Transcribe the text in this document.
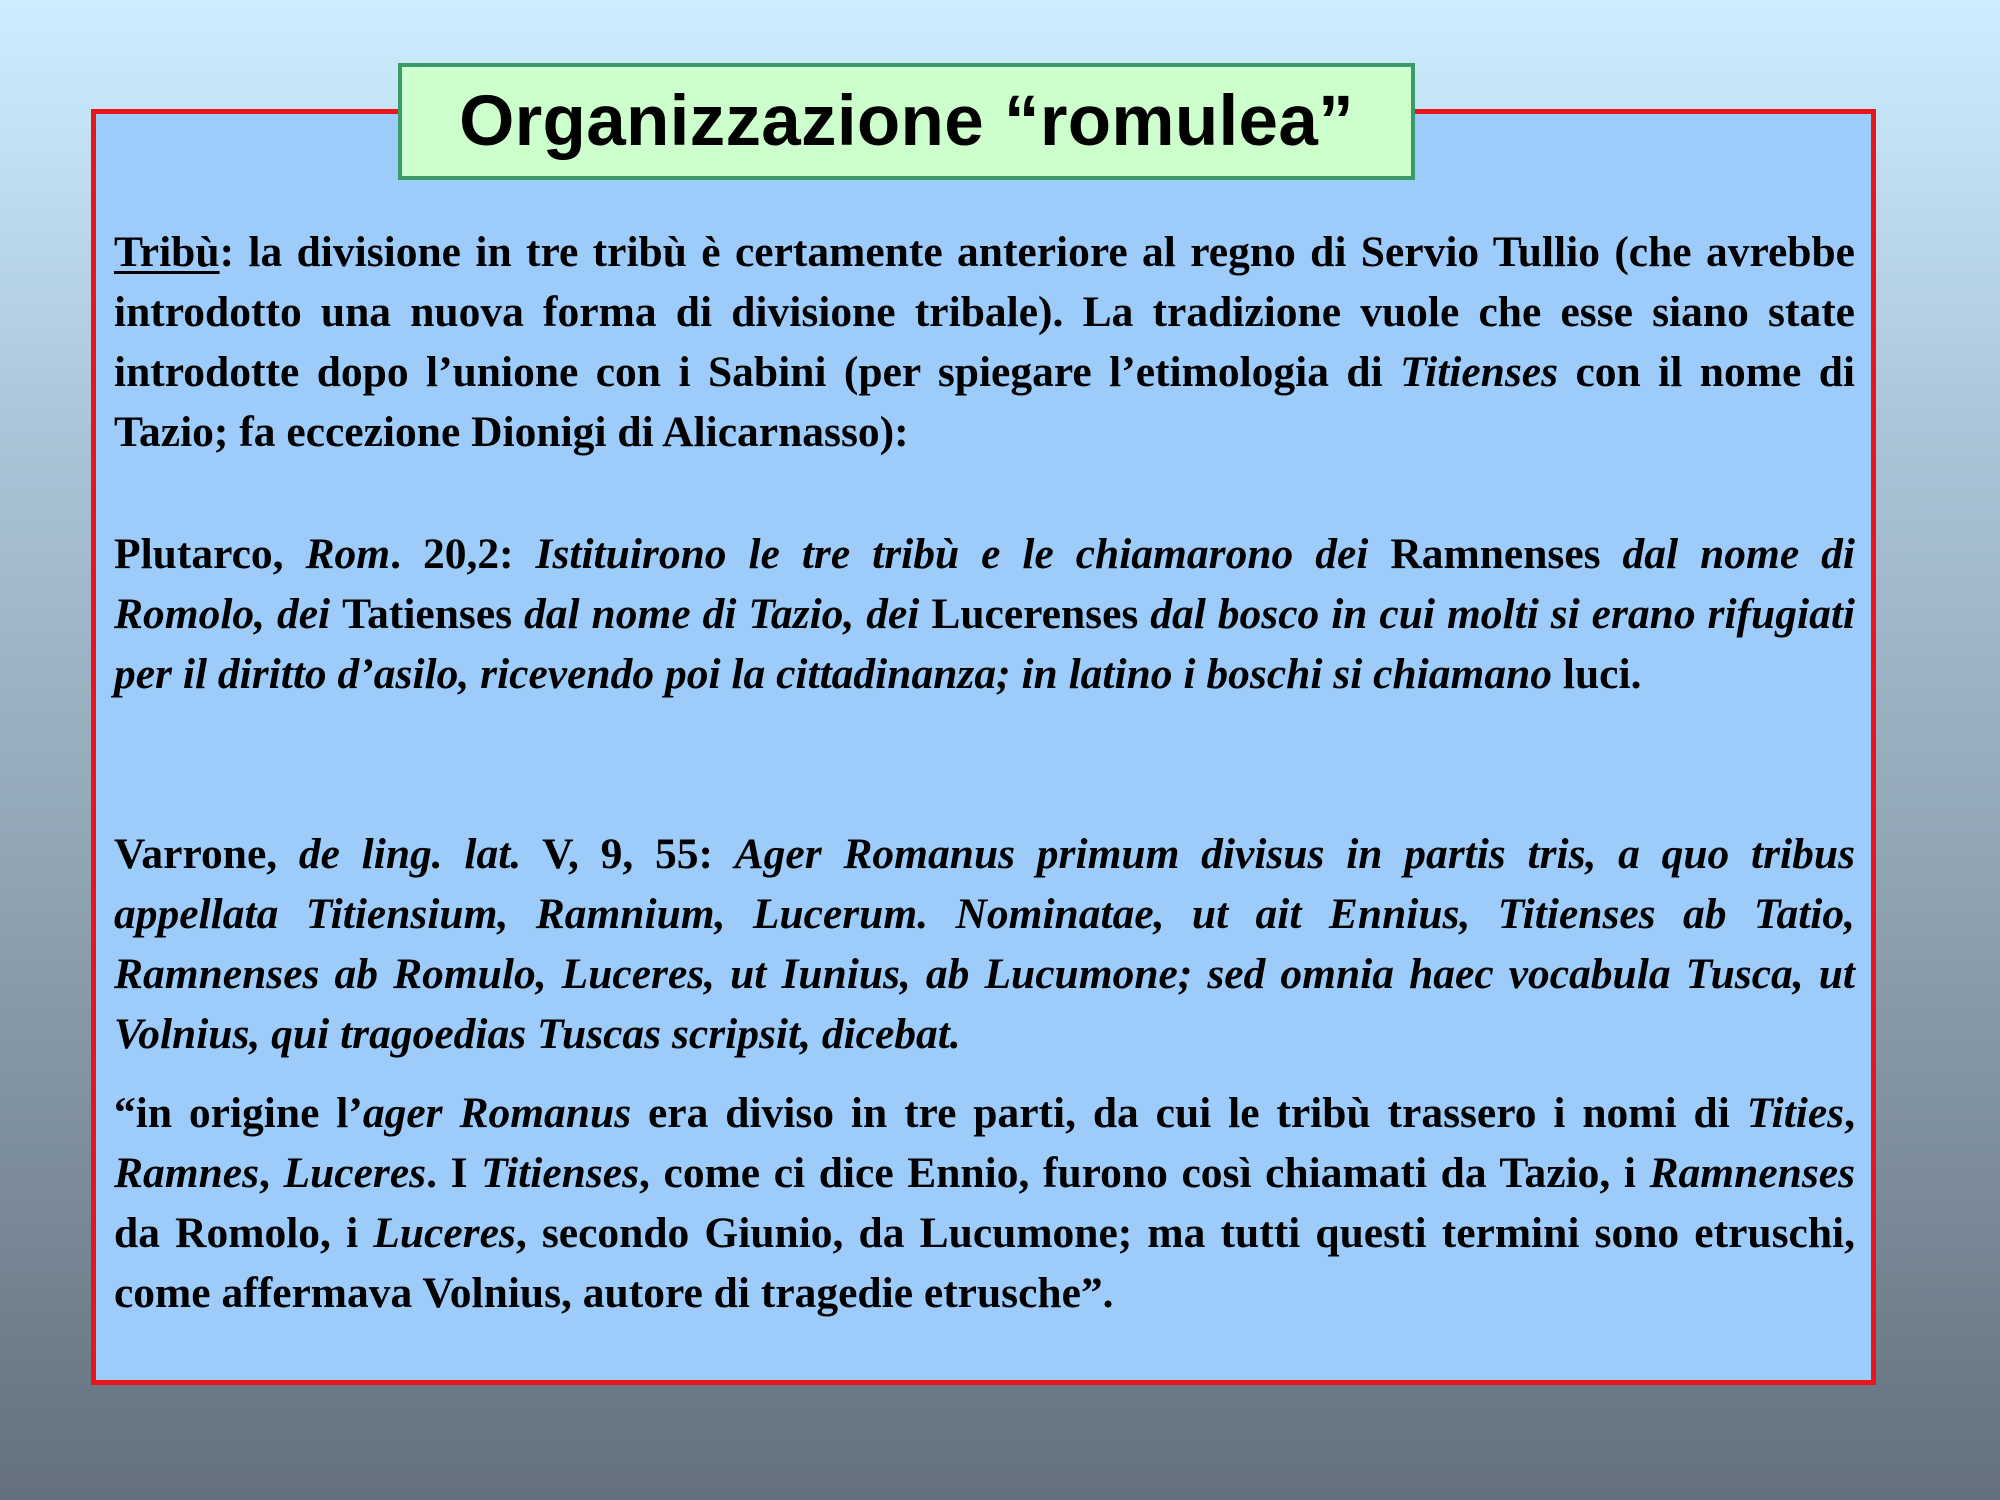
Organizzazione “romulea”

Tribù: la divisione in tre tribù è certamente anteriore al regno di Servio Tullio (che avrebbe introdotto una nuova forma di divisione tribale). La tradizione vuole che esse siano state introdotte dopo l’unione con i Sabini (per spiegare l’etimologia di Titienses con il nome di Tazio; fa eccezione Dionigi di Alicarnasso):

Plutarco, Rom. 20,2: Istituirono le tre tribù e le chiamarono dei Ramnenses dal nome di Romolo, dei Tatienses dal nome di Tazio, dei Lucerenses dal bosco in cui molti si erano rifugiati per il diritto d’asilo, ricevendo poi la cittadinanza; in latino i boschi si chiamano luci.

Varrone, de ling. lat. V, 9, 55: Ager Romanus primum divisus in partis tris, a quo tribus appellata Titiensium, Ramnium, Lucerum. Nominatae, ut ait Ennius, Titienses ab Tatio, Ramnenses ab Romulo, Luceres, ut Iunius, ab Lucumone; sed omnia haec vocabula Tusca, ut Volnius, qui tragoedias Tuscas scripsit, dicebat.

“in origine l’ager Romanus era diviso in tre parti, da cui le tribù trassero i nomi di Tities, Ramnes, Luceres. I Titienses, come ci dice Ennio, furono così chiamati da Tazio, i Ramnenses da Romolo, i Luceres, secondo Giunio, da Lucumone; ma tutti questi termini sono etruschi, come affermava Volnius, autore di tragedie etrusche”.
